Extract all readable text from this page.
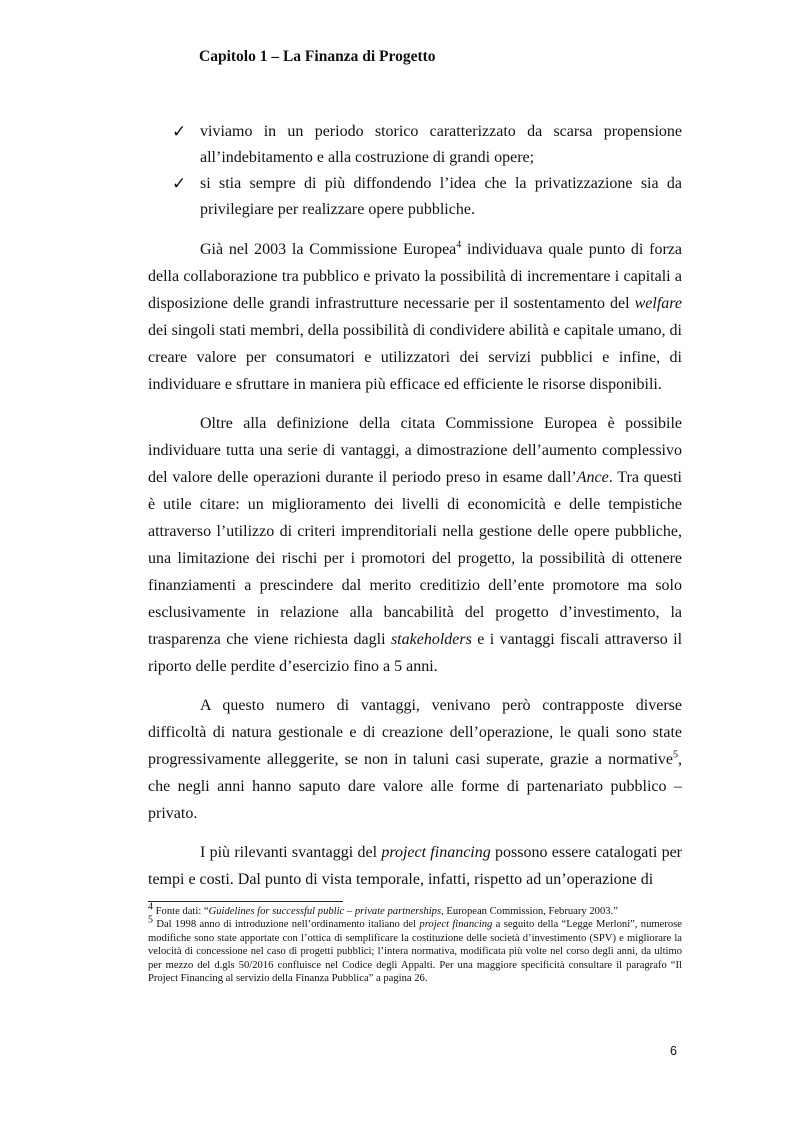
Capitolo 1 – La Finanza di Progetto
✓ viviamo in un periodo storico caratterizzato da scarsa propensione all’indebitamento e alla costruzione di grandi opere;
✓ si stia sempre di più diffondendo l’idea che la privatizzazione sia da privilegiare per realizzare opere pubbliche.

Già nel 2003 la Commissione Europea$^4$ individuava quale punto di forza della collaborazione tra pubblico e privato la possibilità di incrementare i capitali a disposizione delle grandi infrastrutture necessarie per il sostentamento del welfare dei singoli stati membri, della possibilità di condividere abilità e capitale umano, di creare valore per consumatori e utilizzatori dei servizi pubblici e infine, di individuare e sfruttare in maniera più efficace ed efficiente le risorse disponibili.

Oltre alla definizione della citata Commissione Europea è possibile individuare tutta una serie di vantaggi, a dimostrazione dell’aumento complessivo del valore delle operazioni durante il periodo preso in esame dall’Ance. Tra questi è utile citare: un miglioramento dei livelli di economicità e delle tempistiche attraverso l’utilizzo di criteri imprenditoriali nella gestione delle opere pubbliche, una limitazione dei rischi per i promotori del progetto, la possibilità di ottenere finanziamenti a prescindere dal merito creditizio dell’ente promotore ma solo esclusivamente in relazione alla bancabilità del progetto d’investimento, la trasparenza che viene richiesta dagli stakeholders e i vantaggi fiscali attraverso il riporto delle perdite d’esercizio fino a 5 anni.

A questo numero di vantaggi, venivano però contrapposte diverse difficoltà di natura gestionale e di creazione dell’operazione, le quali sono state progressivamente alleggerite, se non in taluni casi superate, grazie a normative$^5$, che negli anni hanno saputo dare valore alle forme di partenariato pubblico – privato.

I più rilevanti svantaggi del project financing possono essere catalogati per tempi e costi. Dal punto di vista temporale, infatti, rispetto ad un’operazione di

$^4$ Fonte dati: “Guidelines for successful public – private partnerships, European Commission, February 2003.”

$^5$ Dal 1998 anno di introduzione nell’ordinamento italiano del project financing a seguito della “Legge Merloni”, numerose modifiche sono state apportate con l’ottica di semplificare la costituzione delle società d’investimento (SPV) e migliorare la velocità di concessione nel caso di progetti pubblici; l’intera normativa, modificata più volte nel corso degli anni, da ultimo per mezzo del d.gls 50/2016 confluisce nel Codice degli Appalti. Per una maggiore specificità consultare il paragrafo “Il Project Financing al servizio della Finanza Pubblica” a pagina 26.

6
